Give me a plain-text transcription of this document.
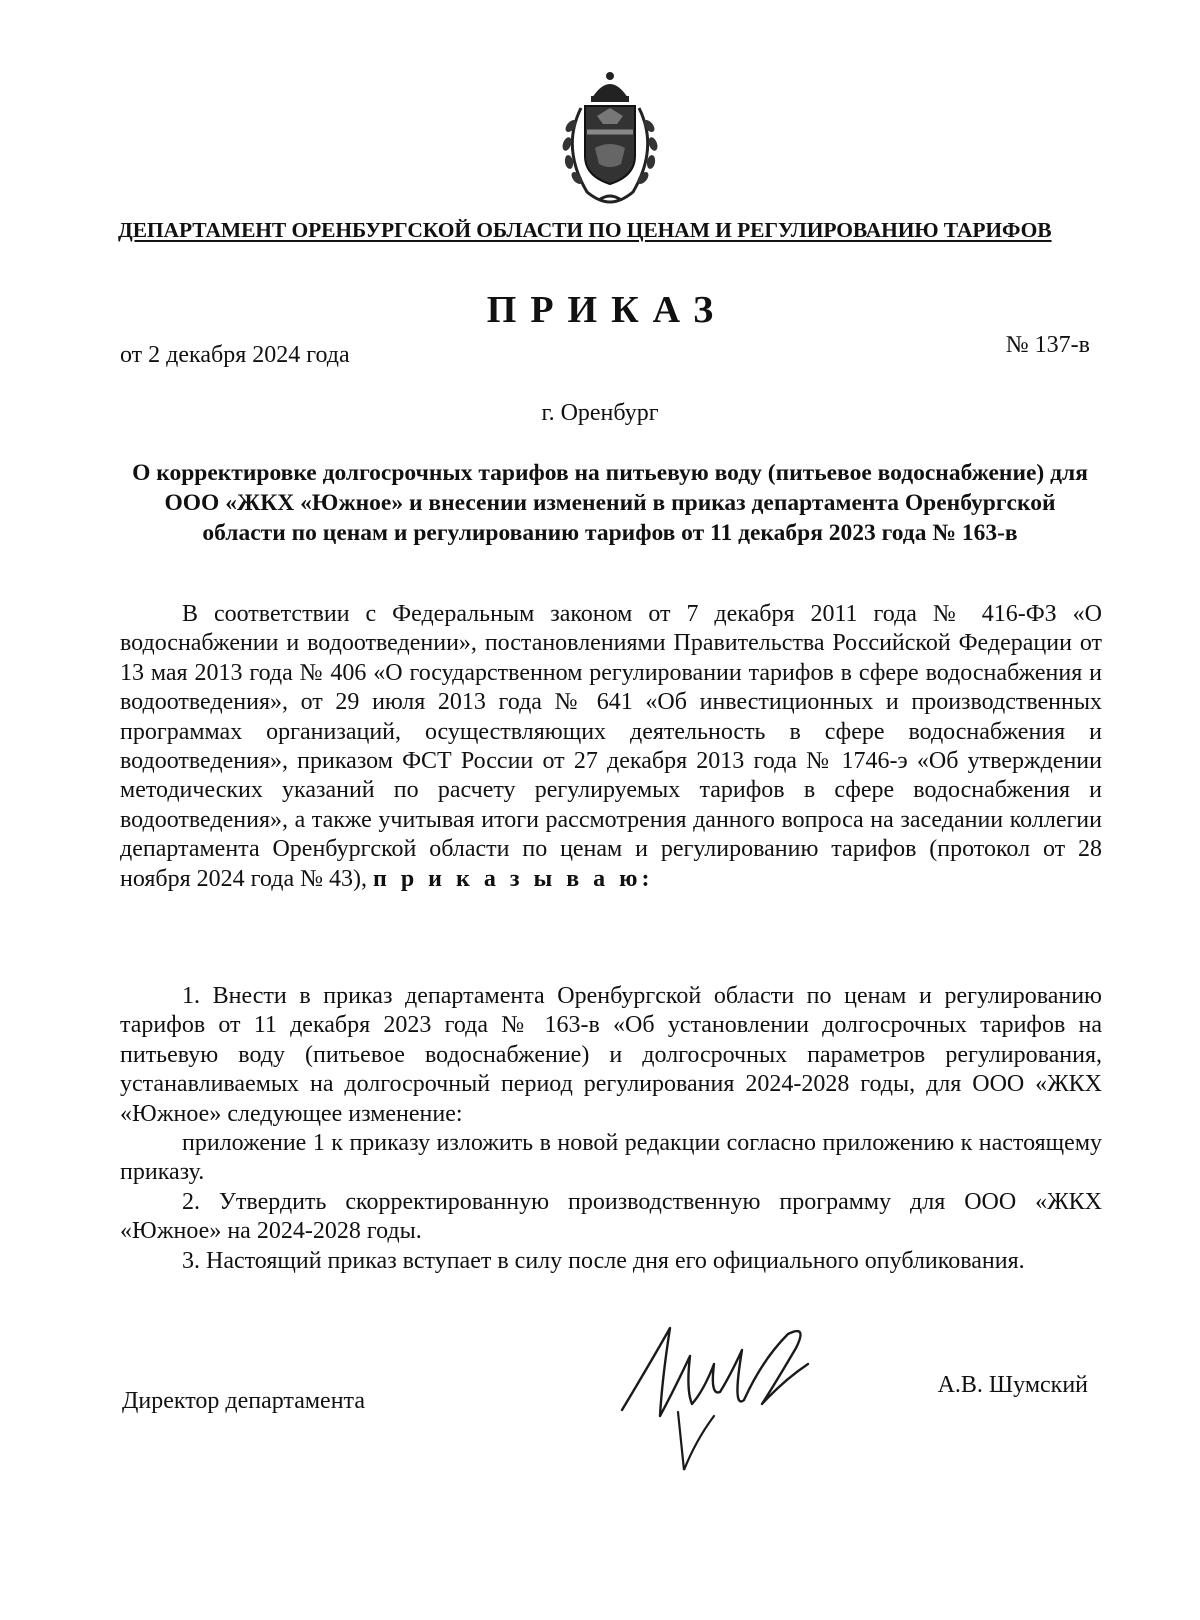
ДЕПАРТАМЕНТ ОРЕНБУРГСКОЙ ОБЛАСТИ ПО ЦЕНАМ И РЕГУЛИРОВАНИЮ ТАРИФОВ
ПРИКАЗ
от 2 декабря 2024 года	№ 137-в
г. Оренбург
О корректировке долгосрочных тарифов на питьевую воду (питьевое водоснабжение) для ООО «ЖКХ «Южное» и внесении изменений в приказ департамента Оренбургской области по ценам и регулированию тарифов от 11 декабря 2023 года № 163-в

В соответствии с Федеральным законом от 7 декабря 2011 года № 416-ФЗ «О водоснабжении и водоотведении», постановлениями Правительства Российской Федерации от 13 мая 2013 года № 406 «О государственном регулировании тарифов в сфере водоснабжения и водоотведения», от 29 июля 2013 года № 641 «Об инвестиционных и производственных программах организаций, осуществляющих деятельность в сфере водоснабжения и водоотведения», приказом ФСТ России от 27 декабря 2013 года № 1746-э «Об утверждении методических указаний по расчету регулируемых тарифов в сфере водоснабжения и водоотведения», а также учитывая итоги рассмотрения данного вопроса на заседании коллегии департамента Оренбургской области по ценам и регулированию тарифов (протокол от 28 ноября 2024 года № 43), п р и к а з ы в а ю:

1. Внести в приказ департамента Оренбургской области по ценам и регулированию тарифов от 11 декабря 2023 года № 163-в «Об установлении долгосрочных тарифов на питьевую воду (питьевое водоснабжение) и долгосрочных параметров регулирования, устанавливаемых на долгосрочный период регулирования 2024-2028 годы, для ООО «ЖКХ «Южное» следующее изменение:

приложение 1 к приказу изложить в новой редакции согласно приложению к настоящему приказу.

2. Утвердить скорректированную производственную программу для ООО «ЖКХ «Южное» на 2024-2028 годы.

3. Настоящий приказ вступает в силу после дня его официального опубликования.

Директор департамента
А.В. Шумский
